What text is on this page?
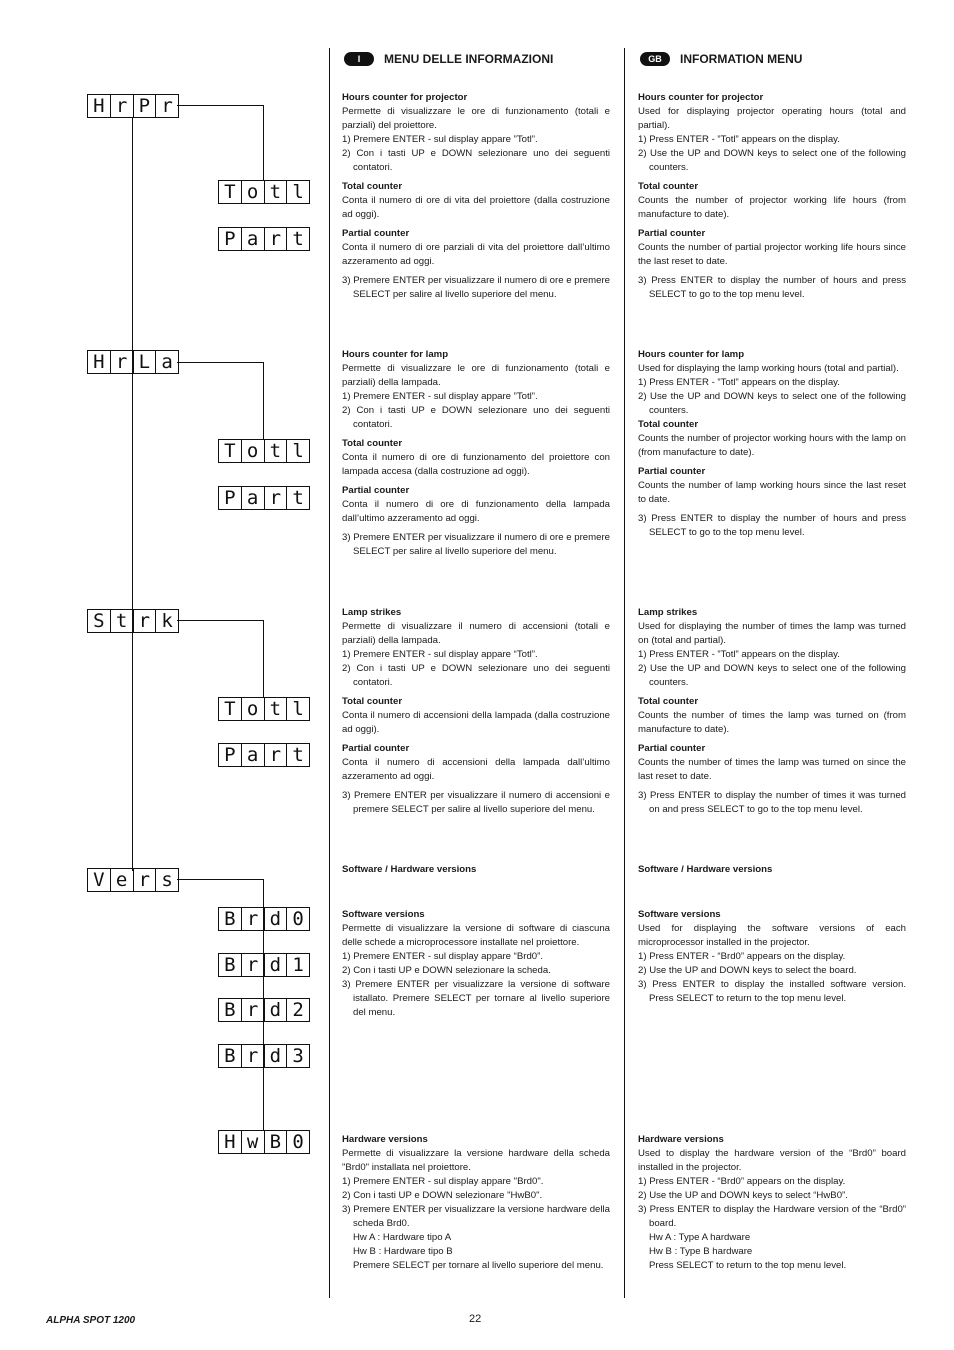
H r P r
T o t l
P a r t
H r L a
T o t l
P a r t
S t r k
T o t l
P a r t
V e r s
B r d 0
B r d 1
B r d 2
B r d 3
H w B 0
I	MENU DELLE INFORMAZIONI	GB	INFORMATION MENU
Hours counter for projector

Permette di visualizzare le ore di funzionamento (totali e parziali) del proiettore.

1) Premere ENTER - sul display appare ”Totl”.

2) Con i tasti UP e DOWN selezionare uno dei seguenti contatori.

Total counter

Conta il numero di ore di vita del proiettore (dalla costruzione ad oggi).

Partial counter

Conta il numero di ore parziali di vita del proiettore dall’ultimo azzeramento ad oggi.

3) Premere ENTER per visualizzare il numero di ore e premere SELECT per salire al livello superiore del menu.

Hours counter for lamp

Permette di visualizzare le ore di funzionamento (totali e parziali) della lampada.

1) Premere ENTER - sul display appare ”Totl”.

2) Con i tasti UP e DOWN selezionare uno dei seguenti contatori.

Total counter

Conta il numero di ore di funzionamento del proiettore con lampada accesa (dalla costruzione ad oggi).

Partial counter

Conta il numero di ore di funzionamento della lampada dall’ultimo azzeramento ad oggi.

3) Premere ENTER per visualizzare il numero di ore e premere SELECT per salire al livello superiore del menu.

Lamp strikes

Permette di visualizzare il numero di accensioni (totali e parziali) della lampada.

1) Premere ENTER - sul display appare “Totl”.

2) Con i tasti UP e DOWN selezionare uno dei seguenti contatori.

Total counter

Conta il numero di accensioni della lampada (dalla costruzione ad oggi).

Partial counter

Conta il numero di accensioni della lampada dall’ultimo azzeramento ad oggi.

3) Premere ENTER per visualizzare il numero di accensioni e premere SELECT per salire al livello superiore del menu.

Software / Hardware versions
Software versions

Permette di visualizzare la versione di software di ciascuna delle schede a microprocessore installate nel proiettore.

1) Premere ENTER - sul display appare “Brd0”.

2) Con i tasti UP e DOWN selezionare la scheda.

3) Premere ENTER per visualizzare la versione di software istallato. Premere SELECT per tornare al livello superiore del menu.

Hardware versions

Permette di visualizzare la versione hardware della scheda "Brd0" installata nel proiettore.

1) Premere ENTER - sul display appare "Brd0".

2) Con i tasti UP e DOWN selezionare "HwB0".

3) Premere ENTER per visualizzare la versione hardware della scheda Brd0.

Hw A : Hardware tipo A

Hw B : Hardware tipo B

Premere SELECT per tornare al livello superiore del menu.

Hours counter for projector

Used for displaying projector operating hours (total and partial).

1) Press ENTER - ”Totl” appears on the display.

2) Use the UP and DOWN keys to select one of the following counters.

Total counter

Counts the number of projector working life hours (from manufacture to date).

Partial counter

Counts the number of partial projector working life hours since the last reset to date.

3) Press ENTER to display the number of hours and press SELECT to go to the top menu level.

Hours counter for lamp

Used for displaying the lamp working hours (total and partial).

1) Press ENTER - ”Totl” appears on the display.

2) Use the UP and DOWN keys to select one of the following counters.

Total counter

Counts the number of projector working hours with the lamp on (from manufacture to date).

Partial counter

Counts the number of lamp working hours since the last reset to date.

3) Press ENTER to display the number of hours and press SELECT to go to the top menu level.

Lamp strikes

Used for displaying the number of times the lamp was turned on (total and partial).

1) Press ENTER - ”Totl” appears on the display.

2) Use the UP and DOWN keys to select one of the following counters.

Total counter

Counts the number of times the lamp was turned on (from manufacture to date).

Partial counter

Counts the number of times the lamp was turned on since the last reset to date.

3) Press ENTER to display the number of times it was turned on and press SELECT to go to the top menu level.

Software / Hardware versions
Software versions

Used for displaying the software versions of each microprocessor installed in the projector.

1) Press ENTER - “Brd0” appears on the display.

2) Use the UP and DOWN keys to select the board.

3) Press ENTER to display the installed software version. Press SELECT to return to the top menu level.

Hardware versions

Used to display the hardware version of the “Brd0” board installed in the projector.

1) Press ENTER - “Brd0” appears on the display.

2) Use the UP and DOWN keys to select “HwB0”.

3) Press ENTER to display the Hardware version of the “Brd0” board.

Hw A : Type A hardware

Hw B : Type B hardware

Press SELECT to return to the top menu level.

ALPHA SPOT 1200	22
